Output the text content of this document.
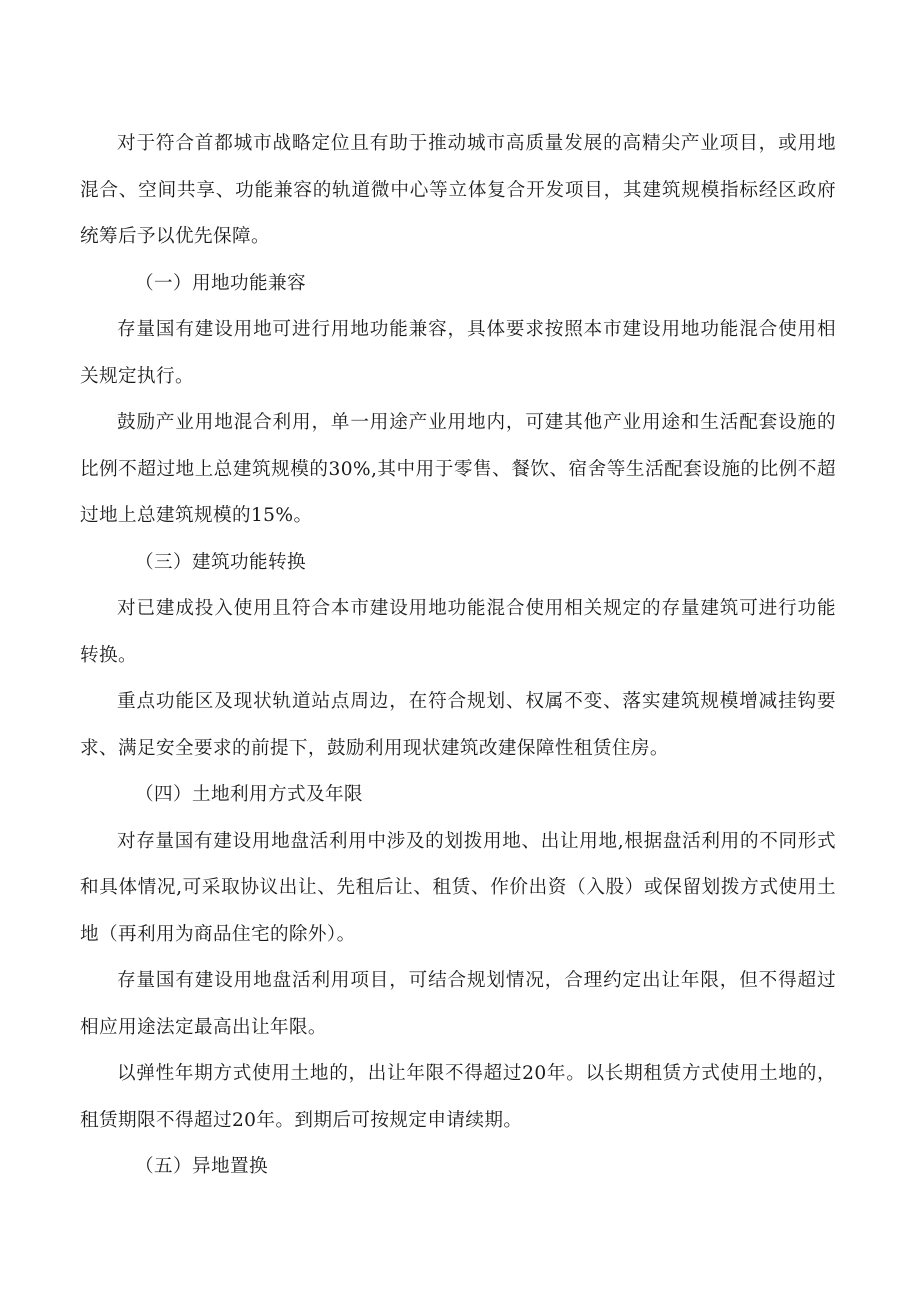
对于符合首都城市战略定位且有助于推动城市高质量发展的高精尖产业项目，或用地混合、空间共享、功能兼容的轨道微中心等立体复合开发项目，其建筑规模指标经区政府统筹后予以优先保障。

（一）用地功能兼容

存量国有建设用地可进行用地功能兼容，具体要求按照本市建设用地功能混合使用相关规定执行。

鼓励产业用地混合利用，单一用途产业用地内，可建其他产业用途和生活配套设施的比例不超过地上总建筑规模的30%,其中用于零售、餐饮、宿舍等生活配套设施的比例不超过地上总建筑规模的15%。

（三）建筑功能转换

对已建成投入使用且符合本市建设用地功能混合使用相关规定的存量建筑可进行功能转换。

重点功能区及现状轨道站点周边，在符合规划、权属不变、落实建筑规模增减挂钩要求、满足安全要求的前提下，鼓励利用现状建筑改建保障性租赁住房。

（四）土地利用方式及年限

对存量国有建设用地盘活利用中涉及的划拨用地、出让用地,根据盘活利用的不同形式和具体情况,可采取协议出让、先租后让、租赁、作价出资（入股）或保留划拨方式使用土地（再利用为商品住宅的除外）。

存量国有建设用地盘活利用项目，可结合规划情况，合理约定出让年限，但不得超过相应用途法定最高出让年限。

以弹性年期方式使用土地的，出让年限不得超过20年。以长期租赁方式使用土地的，租赁期限不得超过20年。到期后可按规定申请续期。

（五）异地置换
